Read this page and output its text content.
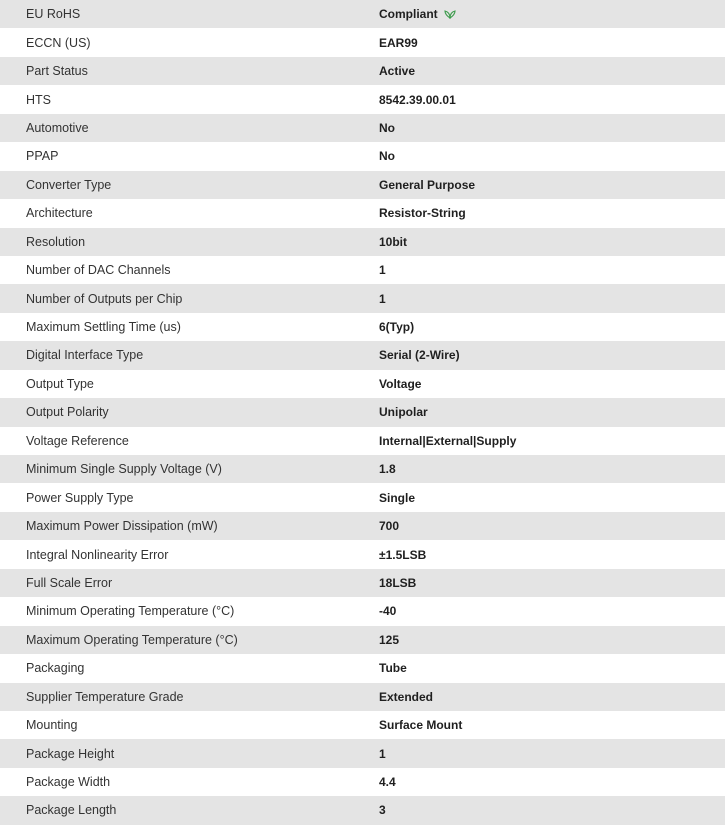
EU RoHS	Compliant
ECCN (US)	EAR99
Part Status	Active
HTS	8542.39.00.01
Automotive	No
PPAP	No
Converter Type	General Purpose
Architecture	Resistor-String
Resolution	10bit
Number of DAC Channels	1
Number of Outputs per Chip	1
Maximum Settling Time (us)	6(Typ)
Digital Interface Type	Serial (2-Wire)
Output Type	Voltage
Output Polarity	Unipolar
Voltage Reference	Internal|External|Supply
Minimum Single Supply Voltage (V)	1.8
Power Supply Type	Single
Maximum Power Dissipation (mW)	700
Integral Nonlinearity Error	±1.5LSB
Full Scale Error	18LSB
Minimum Operating Temperature (°C)	-40
Maximum Operating Temperature (°C)	125
Packaging	Tube
Supplier Temperature Grade	Extended
Mounting	Surface Mount
Package Height	1
Package Width	4.4
Package Length	3
